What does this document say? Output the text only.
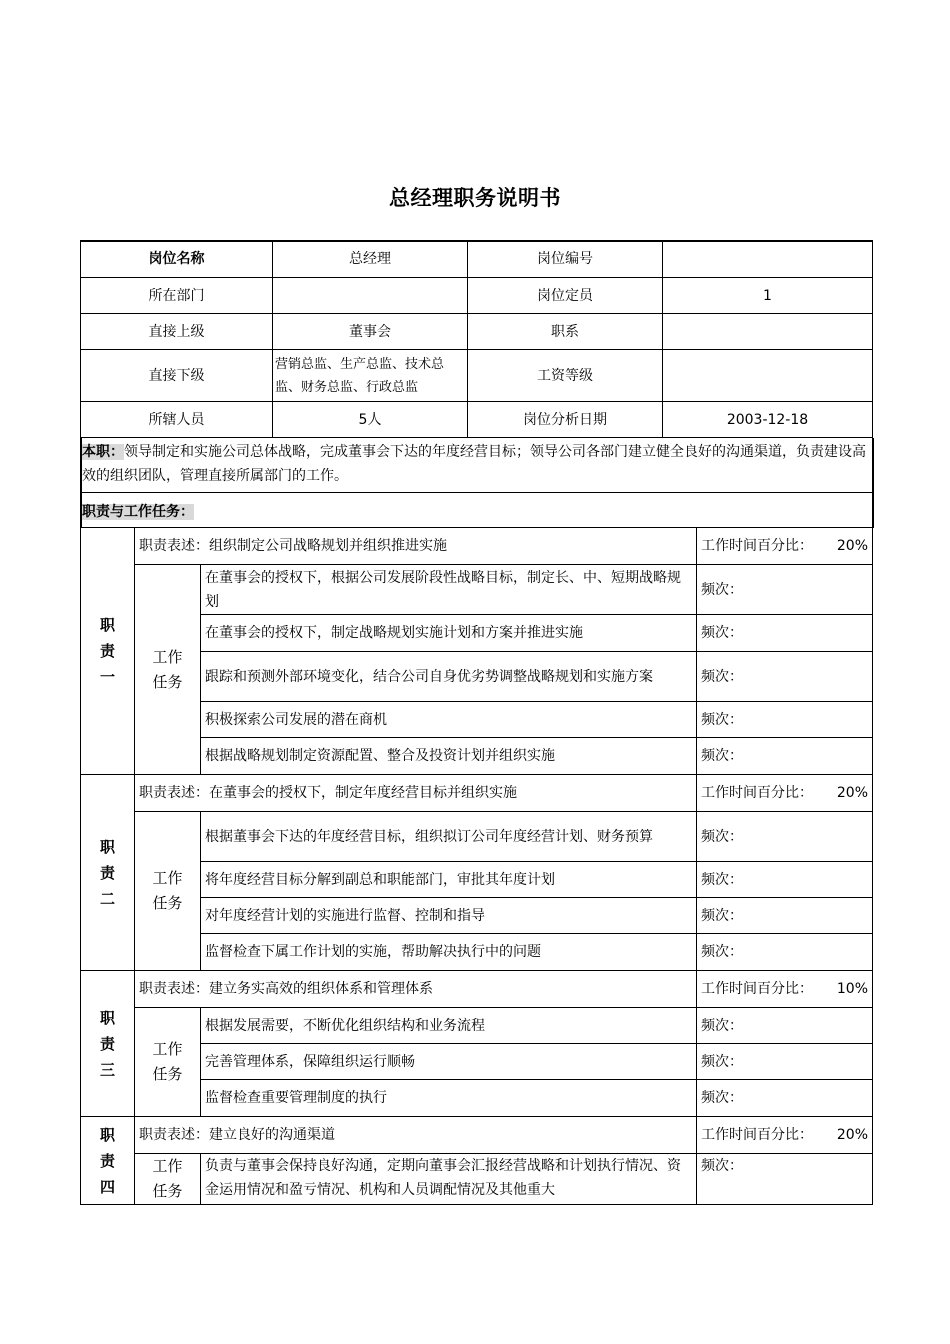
总经理职务说明书
岗位名称	总经理	岗位编号	
所在部门		岗位定员	1
直接上级	董事会	职系	
直接下级	营销总监、生产总监、技术总监、财务总监、行政总监	工资等级	
所辖人员	5人	岗位分析日期	2003-12-18
本职：领导制定和实施公司总体战略，完成董事会下达的年度经营目标；领导公司各部门建立健全良好的沟通渠道，负责建设高效的组织团队，管理直接所属部门的工作。
职责与工作任务：
职责一	职责表述：组织制定公司战略规划并组织推进实施		工作时间百分比： 20%

	工作任务	在董事会的授权下，根据公司发展阶段性战略目标，制定长、中、短期战略规划	频次：
		在董事会的授权下，制定战略规划实施计划和方案并推进实施	频次：
		跟踪和预测外部环境变化，结合公司自身优劣势调整战略规划和实施方案	频次：
		积极探索公司发展的潜在商机	频次：
		根据战略规划制定资源配置、整合及投资计划并组织实施	频次：
职责二	职责表述：在董事会的授权下，制定年度经营目标并组织实施		工作时间百分比： 20%

	工作任务	根据董事会下达的年度经营目标，组织拟订公司年度经营计划、财务预算	频次：
		将年度经营目标分解到副总和职能部门，审批其年度计划	频次：
		对年度经营计划的实施进行监督、控制和指导	频次：
		监督检查下属工作计划的实施，帮助解决执行中的问题	频次：
职责三	职责表述：建立务实高效的组织体系和管理体系		工作时间百分比： 10%

	工作任务	根据发展需要，不断优化组织结构和业务流程	频次：
		完善管理体系，保障组织运行顺畅	频次：
		监督检查重要管理制度的执行	频次：
职责四	职责表述：建立良好的沟通渠道		工作时间百分比： 20%

	工作任务	负责与董事会保持良好沟通，定期向董事会汇报经营战略和计划执行情况、资金运用情况和盈亏情况、机构和人员调配情况及其他重大	频次：
